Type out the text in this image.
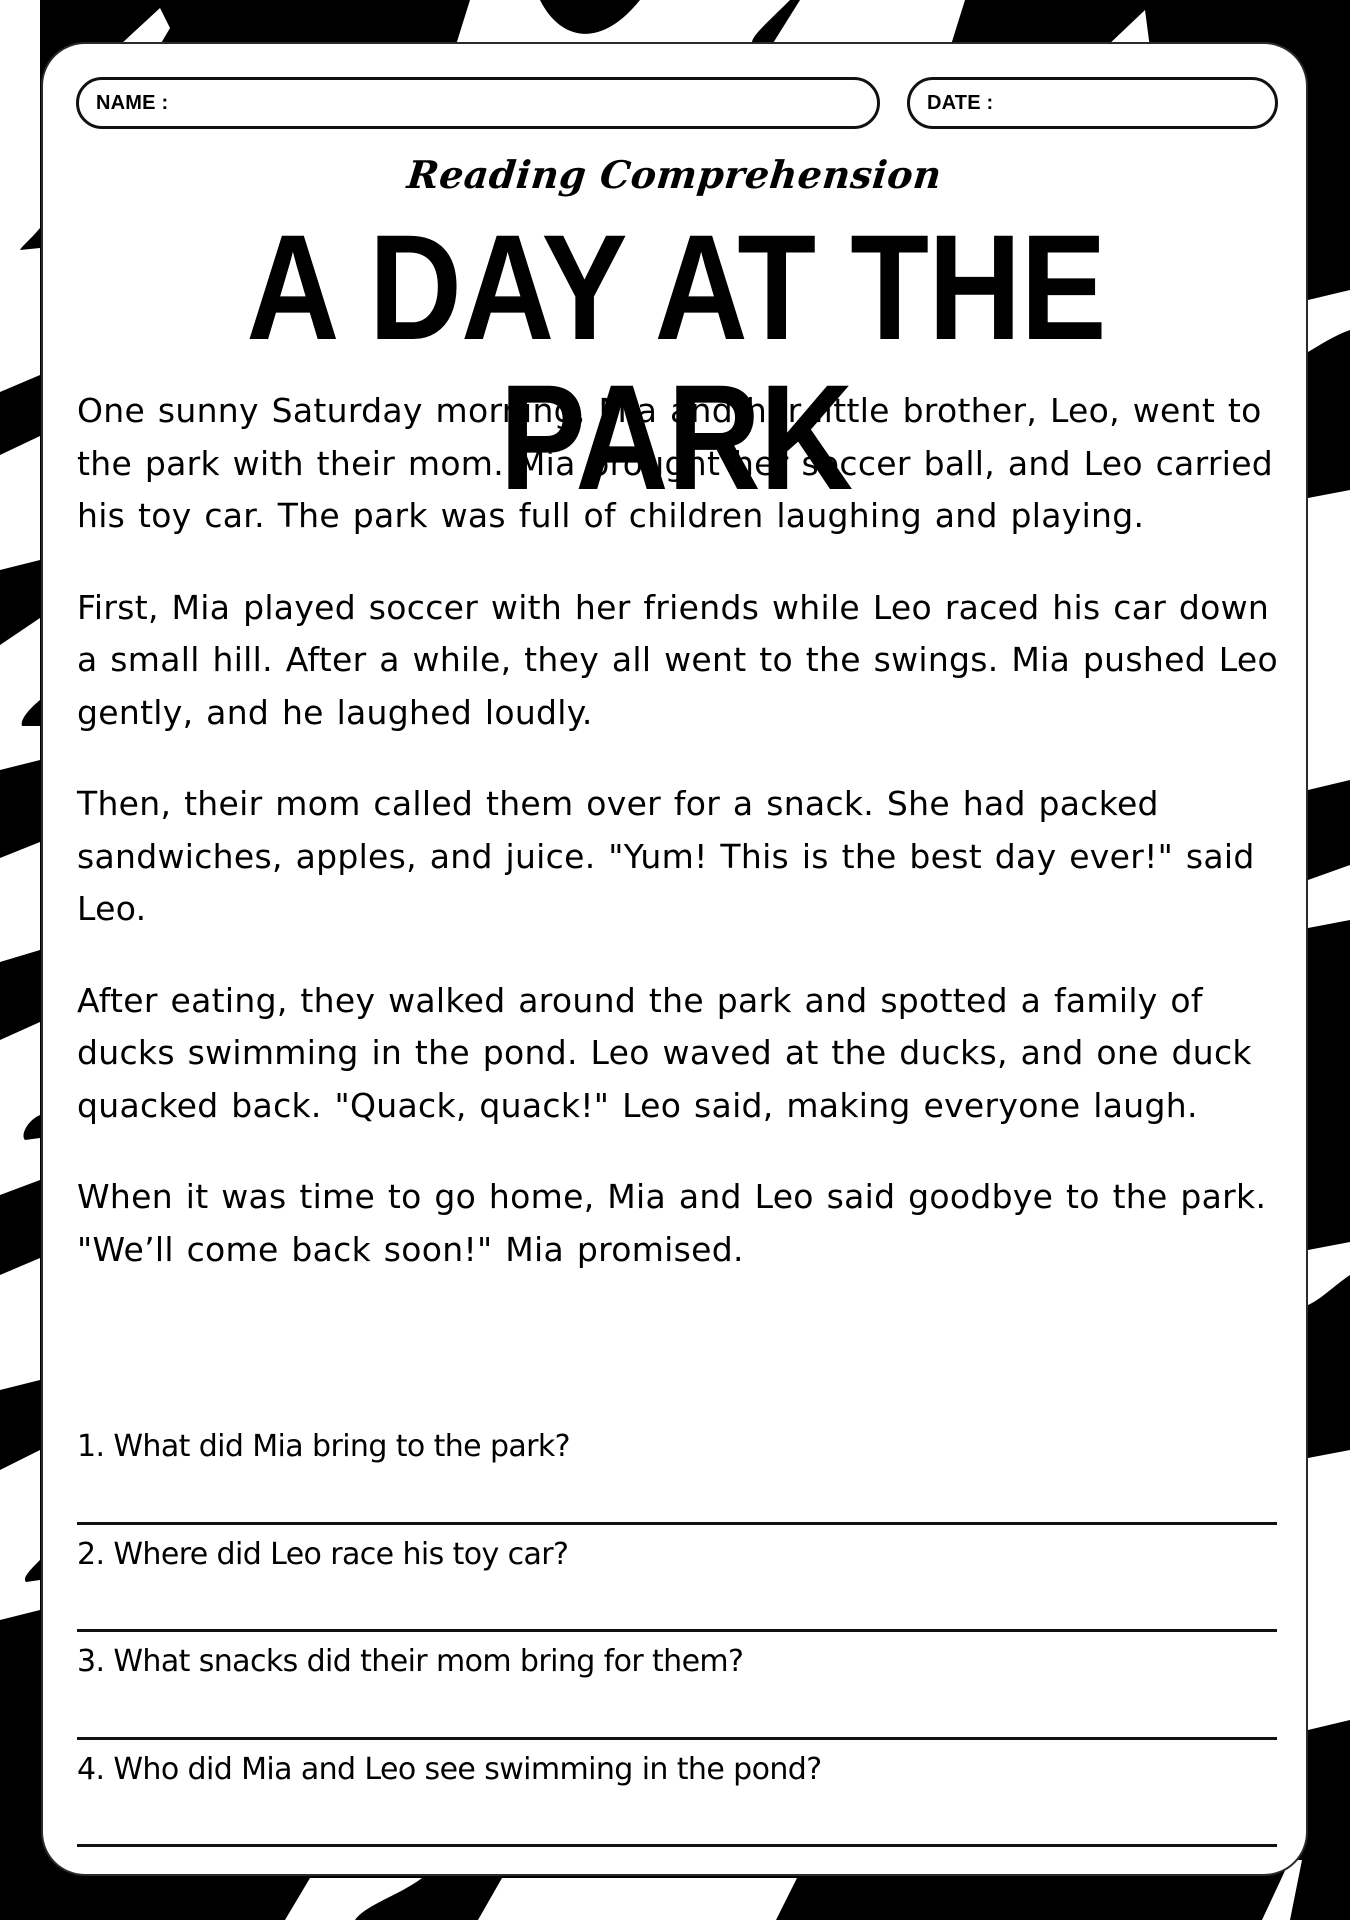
NAME :	DATE :
Reading Comprehension
A DAY AT THE PARK

One sunny Saturday morning, Mia and her little brother, Leo, went to the park with their mom. Mia brought her soccer ball, and Leo carried his toy car. The park was full of children laughing and playing.

First, Mia played soccer with her friends while Leo raced his car down a small hill. After a while, they all went to the swings. Mia pushed Leo gently, and he laughed loudly.

Then, their mom called them over for a snack. She had packed sandwiches, apples, and juice. "Yum! This is the best day ever!" said Leo.

After eating, they walked around the park and spotted a family of ducks swimming in the pond. Leo waved at the ducks, and one duck quacked back. "Quack, quack!" Leo said, making everyone laugh.

When it was time to go home, Mia and Leo said goodbye to the park. "We’ll come back soon!" Mia promised.

1. What did Mia bring to the park?
2. Where did Leo race his toy car?
3. What snacks did their mom bring for them?
4. Who did Mia and Leo see swimming in the pond?
